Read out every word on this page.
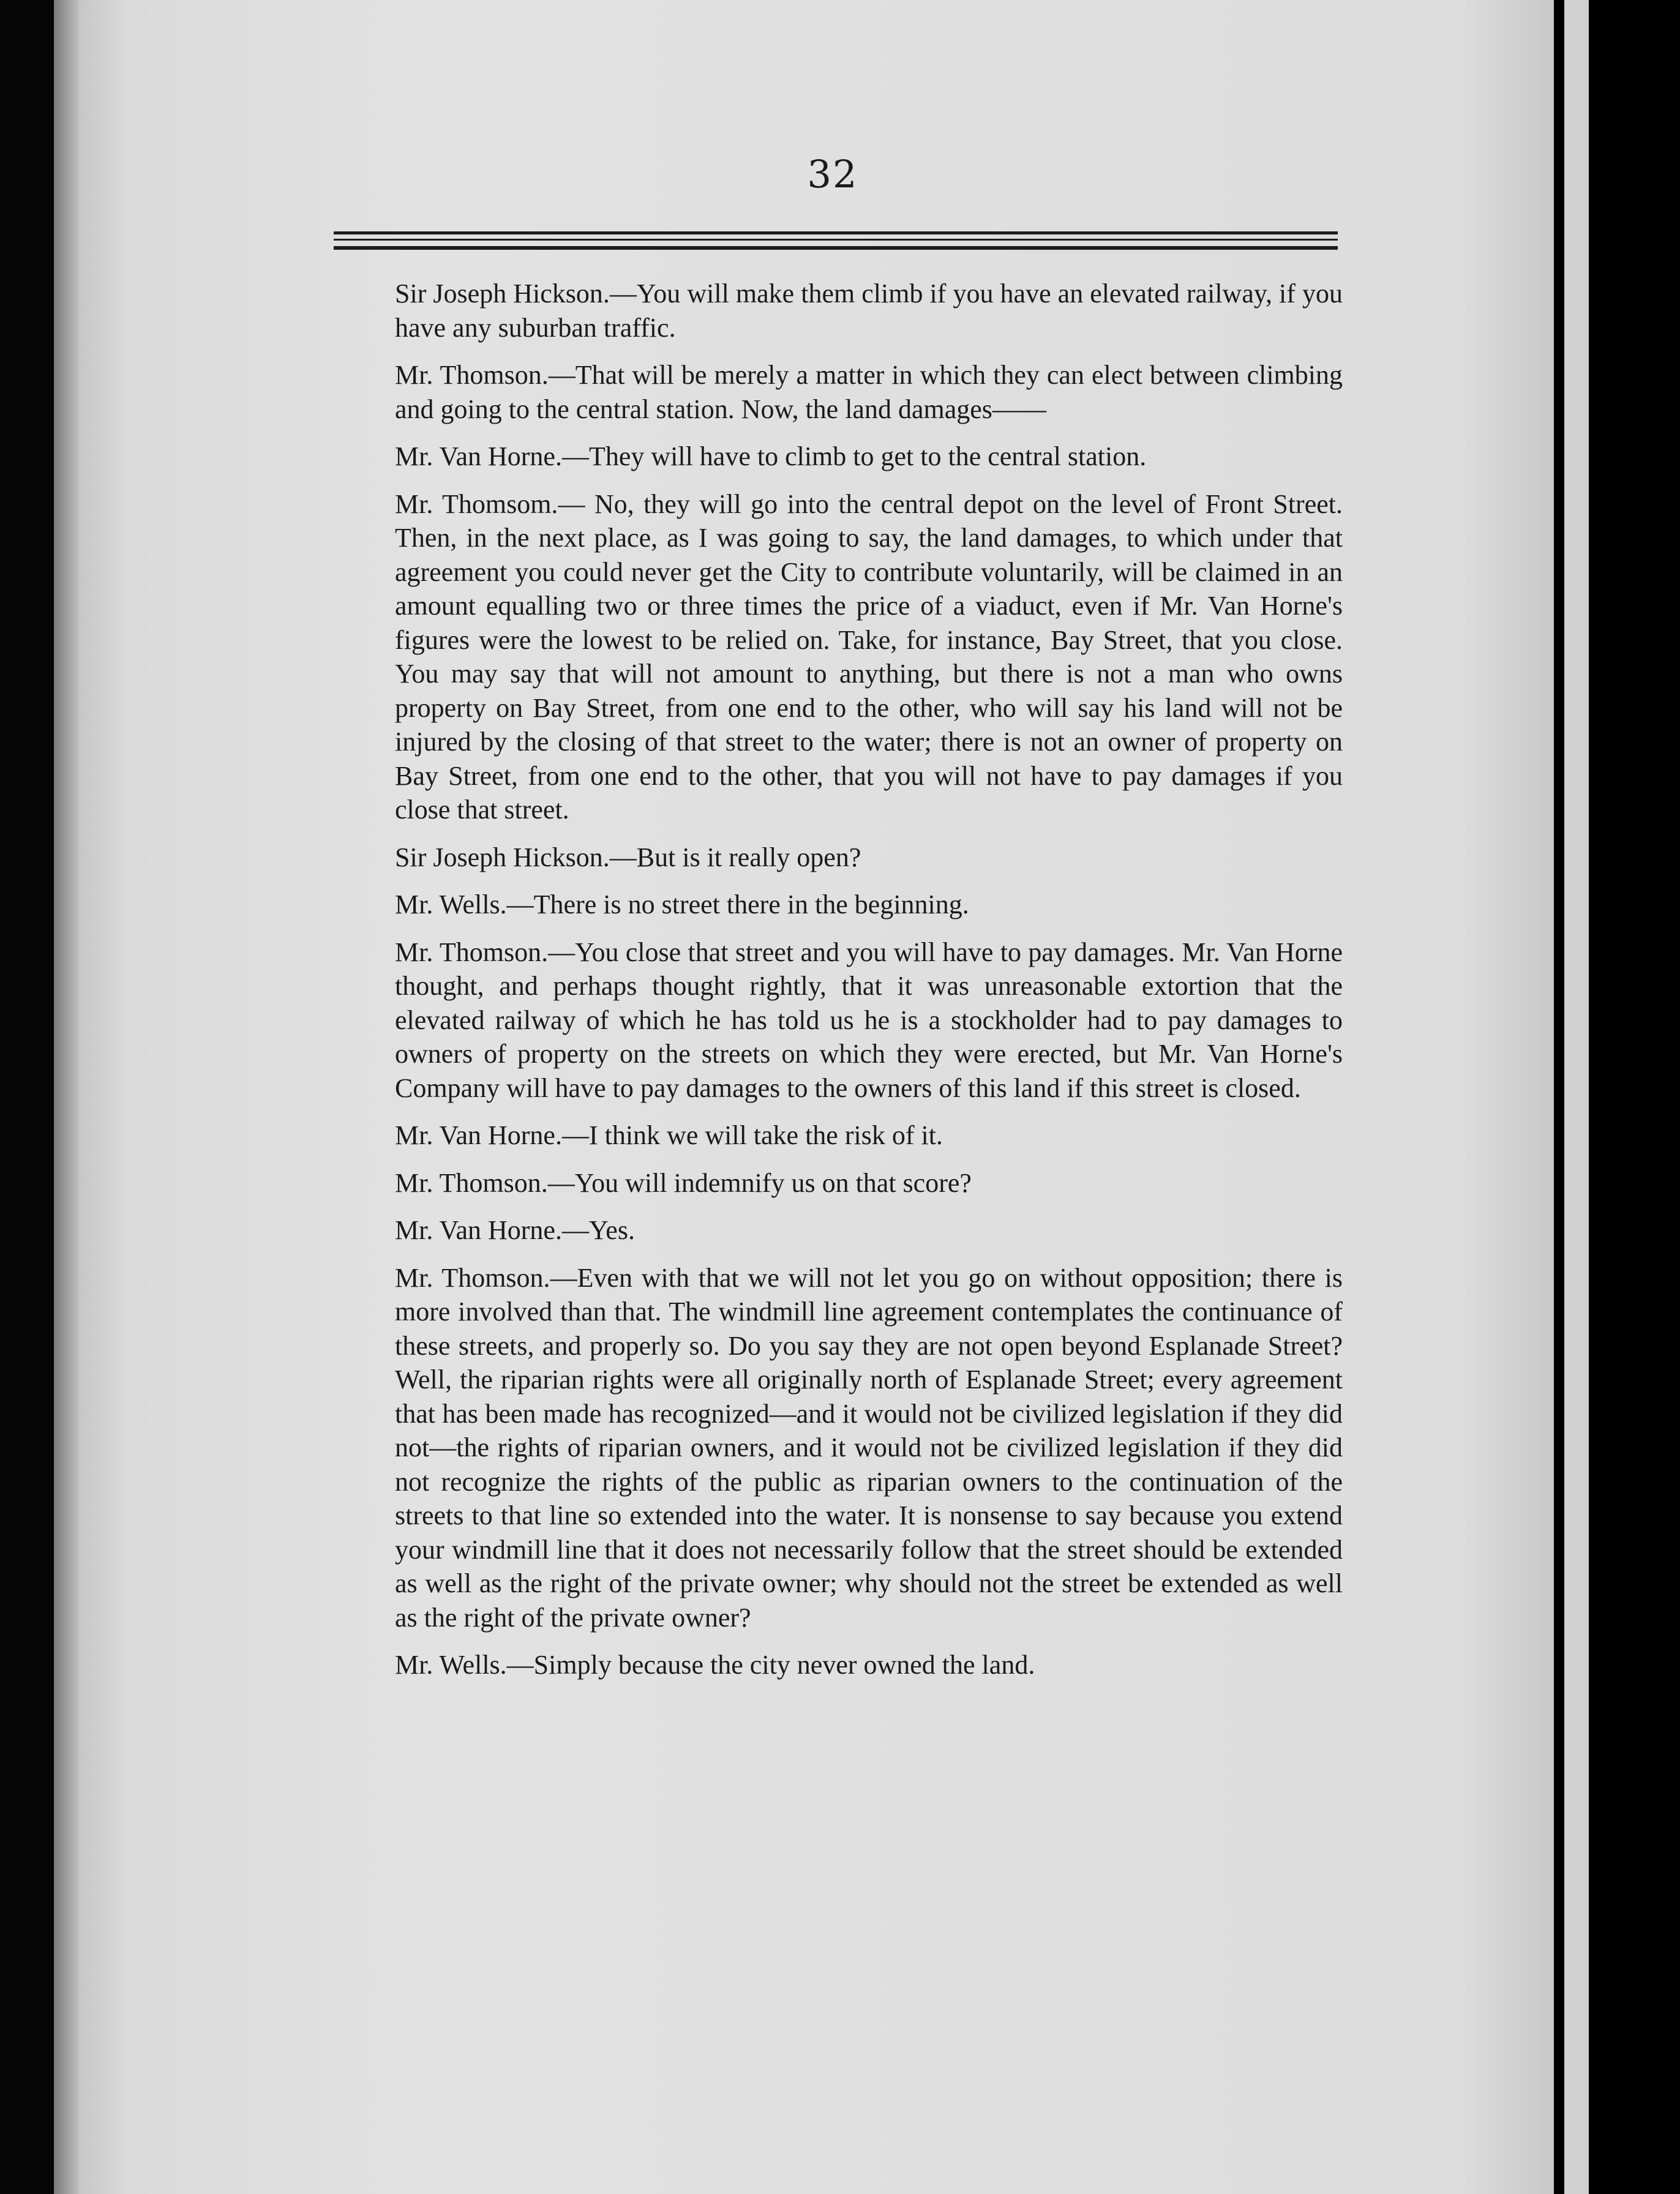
32

Sir Joseph Hickson.—You will make them climb if you have an elevated railway, if you have any suburban traffic.

Mr. Thomson.—That will be merely a matter in which they can elect between climbing and going to the central station. Now, the land damages——

Mr. Van Horne.—They will have to climb to get to the central station.

Mr. Thomsom.— No, they will go into the central depot on the level of Front Street. Then, in the next place, as I was going to say, the land damages, to which under that agreement you could never get the City to contribute voluntarily, will be claimed in an amount equalling two or three times the price of a viaduct, even if Mr. Van Horne's figures were the lowest to be relied on. Take, for instance, Bay Street, that you close. You may say that will not amount to anything, but there is not a man who owns property on Bay Street, from one end to the other, who will say his land will not be injured by the closing of that street to the water; there is not an owner of property on Bay Street, from one end to the other, that you will not have to pay damages if you close that street.

Sir Joseph Hickson.—But is it really open?

Mr. Wells.—There is no street there in the beginning.

Mr. Thomson.—You close that street and you will have to pay damages. Mr. Van Horne thought, and perhaps thought rightly, that it was unreasonable extortion that the elevated railway of which he has told us he is a stockholder had to pay damages to owners of property on the streets on which they were erected, but Mr. Van Horne's Company will have to pay damages to the owners of this land if this street is closed.

Mr. Van Horne.—I think we will take the risk of it.

Mr. Thomson.—You will indemnify us on that score?

Mr. Van Horne.—Yes.

Mr. Thomson.—Even with that we will not let you go on without opposition; there is more involved than that. The windmill line agreement contemplates the continuance of these streets, and properly so. Do you say they are not open beyond Esplanade Street? Well, the riparian rights were all originally north of Esplanade Street; every agreement that has been made has recognized—and it would not be civilized legislation if they did not—the rights of riparian owners, and it would not be civilized legislation if they did not recognize the rights of the public as riparian owners to the continuation of the streets to that line so extended into the water. It is nonsense to say because you extend your windmill line that it does not necessarily follow that the street should be extended as well as the right of the private owner; why should not the street be extended as well as the right of the private owner?

Mr. Wells.—Simply because the city never owned the land.
